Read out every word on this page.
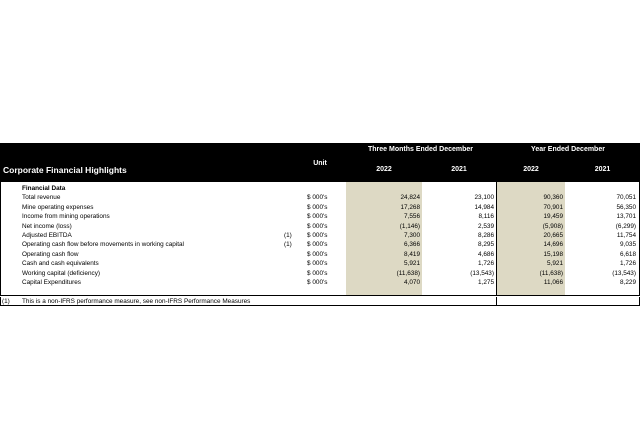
Corporate Financial Highlights
Unit
Three Months Ended December	Year Ended December
2022	2021	2022	2021
Financial Data
Total revenue	$ 000's	24,824	23,100	90,360	70,051
Mine operating expenses	$ 000's	17,268	14,984	70,901	56,350
Income from mining operations	$ 000's	7,556	8,116	19,459	13,701
Net income (loss)	$ 000's	(1,146)	2,539	(5,908)	(6,299)
Adjusted EBITDA	(1) $ 000's	7,300	8,286	20,665	11,754
Operating cash flow before movements in working capital	(1) $ 000's	6,366	8,295	14,696	9,035
Operating cash flow	$ 000's	8,419	4,686	15,198	6,618
Cash and cash equivalents	$ 000's	5,921	1,726	5,921	1,726
Working capital (deficiency)	$ 000's	(11,638)	(13,543)	(11,638)	(13,543)
Capital Expenditures	$ 000's	4,070	1,275	11,066	8,229
(1) This is a non-IFRS performance measure, see non-IFRS Performance Measures
